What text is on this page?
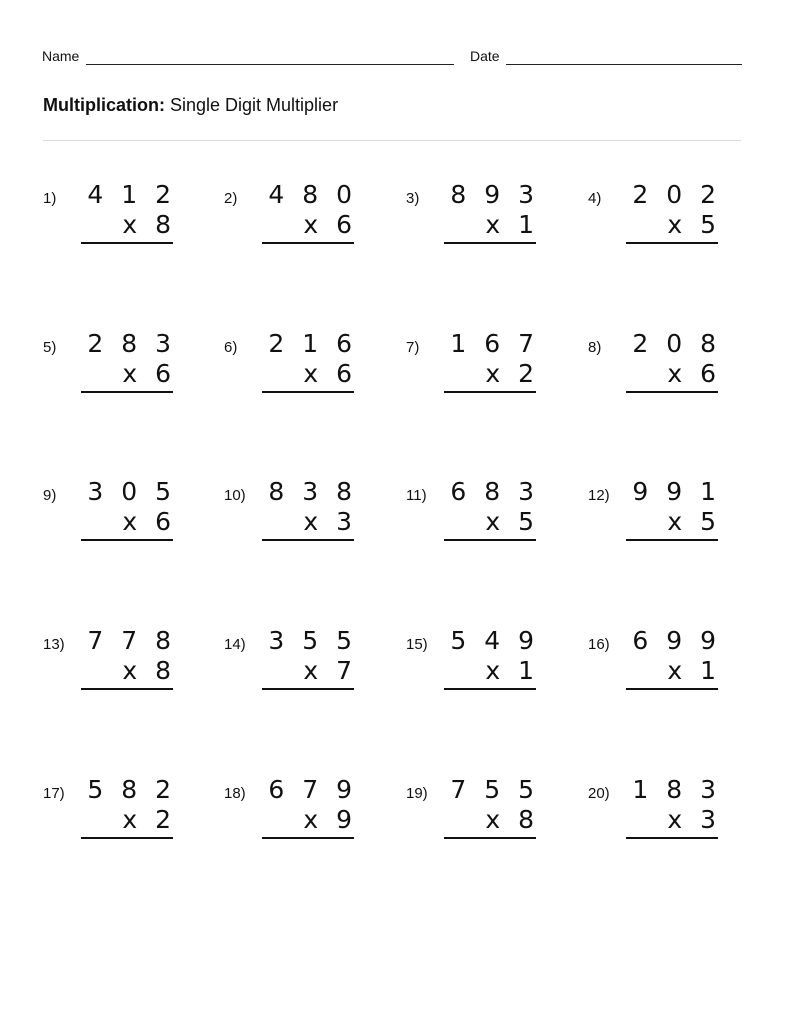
Name	Date
Multiplication: Single Digit Multiplier
1) 4 1 2
x 8
2) 4 8 0
x 6
3) 8 9 3
x 1
4) 2 0 2
x 5
5) 2 8 3
x 6
6) 2 1 6
x 6
7) 1 6 7
x 2
8) 2 0 8
x 6
9) 3 0 5
x 6
10) 8 3 8
x 3
11) 6 8 3
x 5
12) 9 9 1
x 5
13) 7 7 8
x 8
14) 3 5 5
x 7
15) 5 4 9
x 1
16) 6 9 9
x 1
17) 5 8 2
x 2
18) 6 7 9
x 9
19) 7 5 5
x 8
20) 1 8 3
x 3
